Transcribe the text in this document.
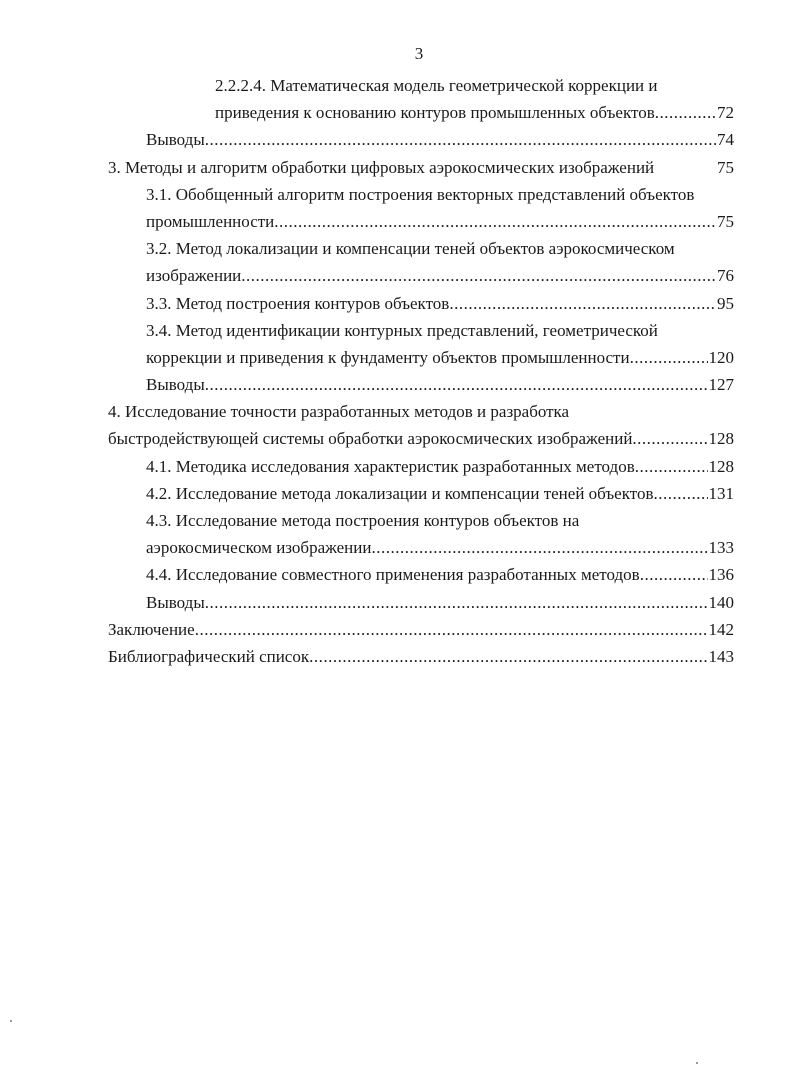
3
2.2.2.4. Математическая модель геометрической коррекции и
приведения к основанию контуров промышленных объектов .....	72
Выводы .....	74
3. Методы и алгоритм обработки цифровых аэрокосмических изображений	75
3.1. Обобщенный алгоритм построения векторных представлений объектов
промышленности .....	75
3.2. Метод локализации и компенсации теней объектов аэрокосмическом
изображении .....	76
3.3. Метод построения контуров объектов .....	95
3.4. Метод идентификации контурных представлений, геометрической
коррекции и приведения к фундаменту объектов промышленности .....	120
Выводы .....	127
4. Исследование точности разработанных методов и разработка
быстродействующей системы обработки аэрокосмических изображений .....	128
4.1. Методика исследования характеристик разработанных методов .....	128
4.2. Исследование метода локализации и компенсации теней объектов .....	131
4.3. Исследование метода построения контуров объектов на
аэрокосмическом изображении .....	133
4.4. Исследование совместного применения разработанных методов .....	136
Выводы .....	140
Заключение .....	142
Библиографический список .....	143
